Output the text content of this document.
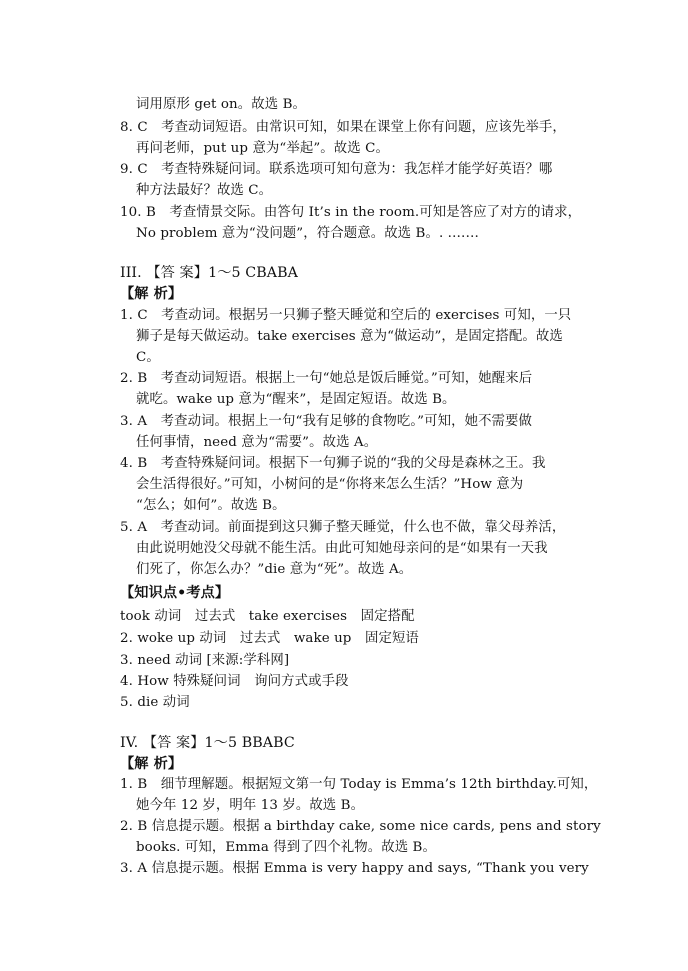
词用原形 get on。故选 B。
8. C　考查动词短语。由常识可知，如果在课堂上你有问题，应该先举手，
再问老师，put up 意为“举起”。故选 C。
9. C　考查特殊疑问词。联系选项可知句意为：我怎样才能学好英语？哪
种方法最好？故选 C。
10. B　考查情景交际。由答句 It’s in the room.可知是答应了对方的请求，
No problem 意为“没问题”，符合题意。故选 B。. .……
III. 【答 案】1～5 CBABA
【解 析】
1. C　考查动词。根据另一只狮子整天睡觉和空后的 exercises 可知，一只
狮子是每天做运动。take exercises 意为“做运动”，是固定搭配。故选
C。
2. B　考查动词短语。根据上一句“她总是饭后睡觉。”可知，她醒来后
就吃。wake up 意为“醒来”，是固定短语。故选 B。
3. A　考查动词。根据上一句“我有足够的食物吃。”可知，她不需要做
任何事情，need 意为“需要”。故选 A。
4. B　考查特殊疑问词。根据下一句狮子说的“我的父母是森林之王。我
会生活得很好。”可知，小树问的是“你将来怎么生活？”How 意为
“怎么；如何”。故选 B。
5. A　考查动词。前面提到这只狮子整天睡觉，什么也不做，靠父母养活，
由此说明她没父母就不能生活。由此可知她母亲问的是“如果有一天我
们死了，你怎么办？”die 意为“死”。故选 A。
【知识点•考点】
took 动词　过去式　take exercises　固定搭配
2. woke up 动词　过去式　wake up　固定短语
3. need 动词 [来源:学科网]
4. How 特殊疑问词　询问方式或手段
5. die 动词
IV. 【答 案】1～5 BBABC
【解 析】
1. B　细节理解题。根据短文第一句 Today is Emma’s 12th birthday.可知，
她今年 12 岁，明年 13 岁。故选 B。
2. B 信息提示题。根据 a birthday cake, some nice cards, pens and story
books. 可知，Emma 得到了四个礼物。故选 B。
3. A 信息提示题。根据 Emma is very happy and says, “Thank you very
